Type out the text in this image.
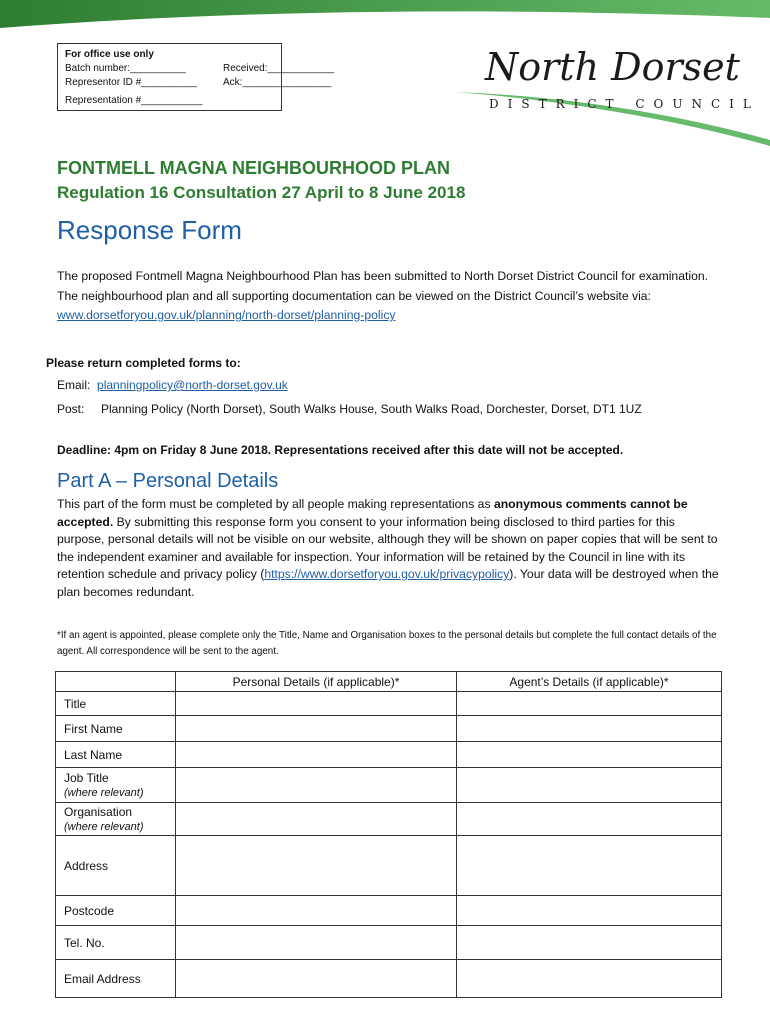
For office use only
Batch number:__________	Received:____________
Representor ID #__________	Ack:________________
Representation #___________
North Dorset
DISTRICT COUNCIL
FONTMELL MAGNA NEIGHBOURHOOD PLAN
Regulation 16 Consultation 27 April to 8 June 2018
Response Form
The proposed Fontmell Magna Neighbourhood Plan has been submitted to North Dorset District Council for examination. The neighbourhood plan and all supporting documentation can be viewed on the District Council’s website via: www.dorsetforyou.gov.uk/planning/north-dorset/planning-policy
Please return completed forms to:
Email: planningpolicy@north-dorset.gov.uk
Post: Planning Policy (North Dorset), South Walks House, South Walks Road, Dorchester, Dorset, DT1 1UZ
Deadline: 4pm on Friday 8 June 2018. Representations received after this date will not be accepted.
Part A – Personal Details
This part of the form must be completed by all people making representations as anonymous comments cannot be accepted. By submitting this response form you consent to your information being disclosed to third parties for this purpose, personal details will not be visible on our website, although they will be shown on paper copies that will be sent to the independent examiner and available for inspection. Your information will be retained by the Council in line with its retention schedule and privacy policy (https://www.dorsetforyou.gov.uk/privacypolicy). Your data will be destroyed when the plan becomes redundant.
*If an agent is appointed, please complete only the Title, Name and Organisation boxes to the personal details but complete the full contact details of the agent. All correspondence will be sent to the agent.
	Personal Details (if applicable)*	Agent’s Details (if applicable)*
Title		
First Name		
Last Name		

Job Title
(where relevant)		

Organisation
(where relevant)		

Address		
Postcode		
Tel. No.		
Email Address		
